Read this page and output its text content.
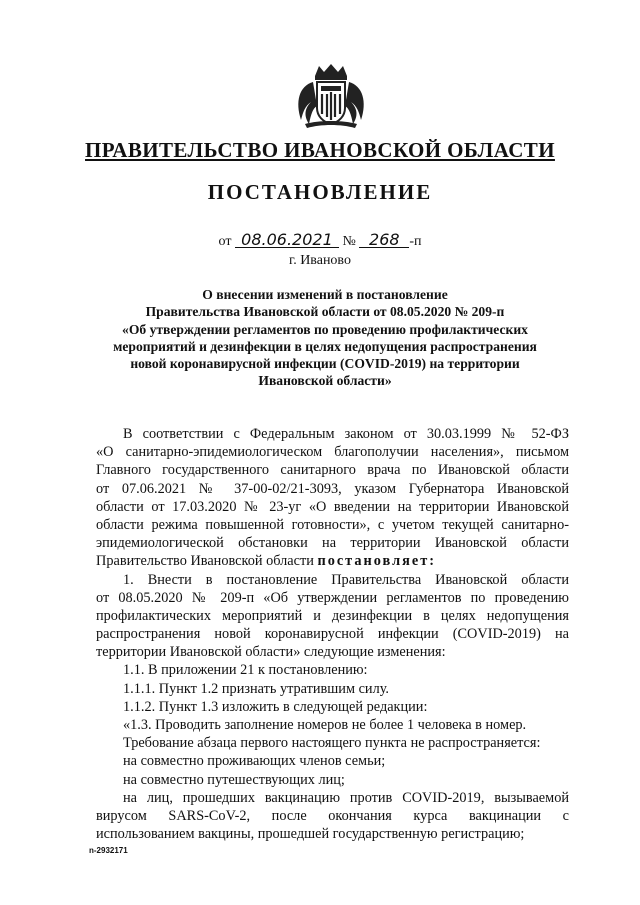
ПРАВИТЕЛЬСТВО ИВАНОВСКОЙ ОБЛАСТИ
ПОСТАНОВЛЕНИЕ
от 08.06.2021 № 268 -п
г. Иваново
О внесении изменений в постановление
Правительства Ивановской области от 08.05.2020 № 209-п
«Об утверждении регламентов по проведению профилактических
мероприятий и дезинфекции в целях недопущения распространения
новой коронавирусной инфекции (COVID-2019) на территории
Ивановской области»
В соответствии с Федеральным законом от 30.03.1999 № 52-ФЗ
«О санитарно-эпидемиологическом благополучии населения», письмом
Главного государственного санитарного врача по Ивановской области
от 07.06.2021 № 37-00-02/21-3093, указом Губернатора Ивановской
области от 17.03.2020 № 23-уг «О введении на территории Ивановской
области режима повышенной готовности», с учетом текущей санитарно-
эпидемиологической обстановки на территории Ивановской области
Правительство Ивановской области постановляет:
1. Внести в постановление Правительства Ивановской области
от 08.05.2020 № 209-п «Об утверждении регламентов по проведению
профилактических мероприятий и дезинфекции в целях недопущения
распространения новой коронавирусной инфекции (COVID-2019) на
территории Ивановской области» следующие изменения:
1.1. В приложении 21 к постановлению:
1.1.1. Пункт 1.2 признать утратившим силу.
1.1.2. Пункт 1.3 изложить в следующей редакции:
«1.3. Проводить заполнение номеров не более 1 человека в номер.
Требование абзаца первого настоящего пункта не распространяется:
на совместно проживающих членов семьи;
на совместно путешествующих лиц;
на лиц, прошедших вакцинацию против COVID-2019, вызываемой
вирусом SARS-CoV-2, после окончания курса вакцинации с
использованием вакцины, прошедшей государственную регистрацию;
n-2932171
